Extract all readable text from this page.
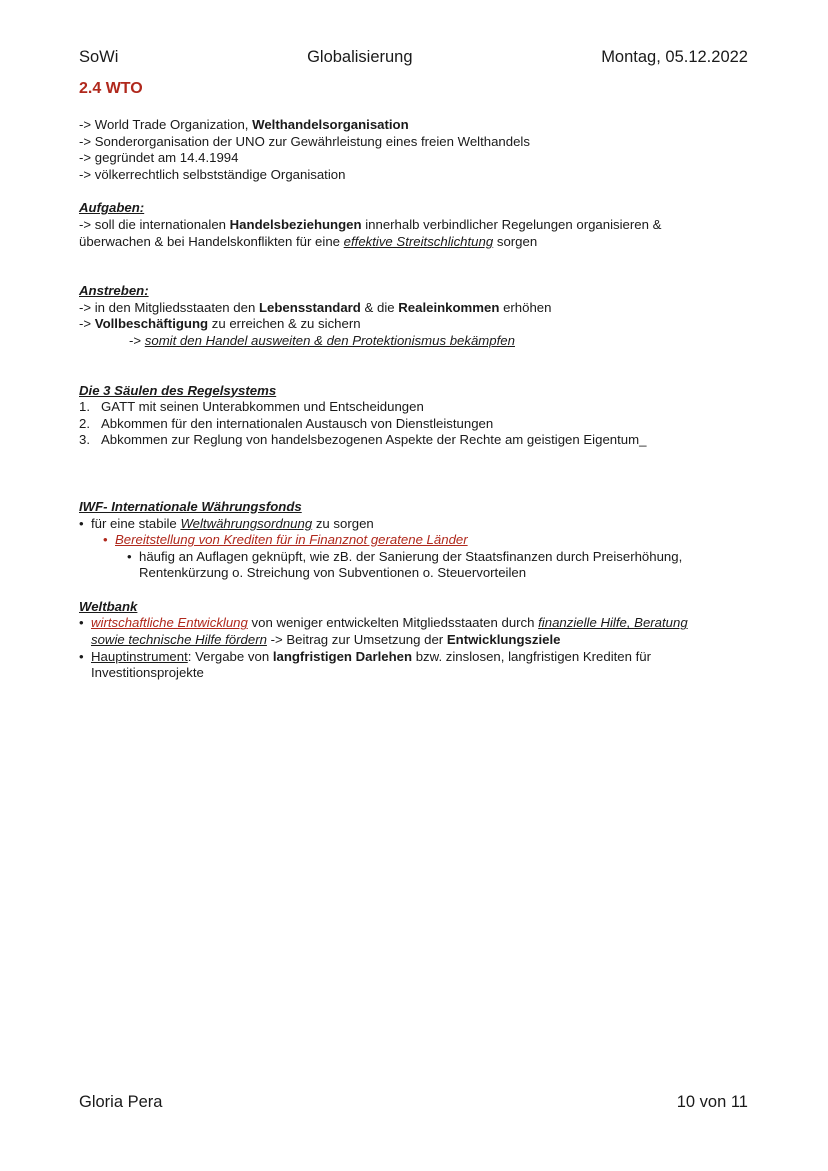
SoWi	Globalisierung	Montag, 05.12.2022
2.4 WTO

-> World Trade Organization, Welthandelsorganisation

-> Sonderorganisation der UNO zur Gewährleistung eines freien Welthandels

-> gegründet am 14.4.1994

-> völkerrechtlich selbstständige Organisation

Aufgaben:

-> soll die internationalen Handelsbeziehungen innerhalb verbindlicher Regelungen organisieren &

überwachen & bei Handelskonflikten für eine effektive Streitschlichtung sorgen

Anstreben:

-> in den Mitgliedsstaaten den Lebensstandard & die Realeinkommen erhöhen

-> Vollbeschäftigung zu erreichen & zu sichern

-> somit den Handel ausweiten & den Protektionismus bekämpfen

Die 3 Säulen des Regelsystems

1. GATT mit seinen Unterabkommen und Entscheidungen
2. Abkommen für den internationalen Austausch von Dienstleistungen
3. Abkommen zur Reglung von handelsbezogenen Aspekte der Rechte am geistigen Eigentum_

IWF- Internationale Währungsfonds

• für eine stabile Weltwährungsordnung zu sorgen
• Bereitstellung von Krediten für in Finanznot geratene Länder
• häufig an Auflagen geknüpft, wie zB. der Sanierung der Staatsfinanzen durch Preiserhöhung,
Rentenkürzung o. Streichung von Subventionen o. Steuervorteilen

Weltbank

• wirtschaftliche Entwicklung von weniger entwickelten Mitgliedsstaaten durch finanzielle Hilfe, Beratung
sowie technische Hilfe fördern -> Beitrag zur Umsetzung der Entwicklungsziele
• Hauptinstrument: Vergabe von langfristigen Darlehen bzw. zinslosen, langfristigen Krediten für
Investitionsprojekte
Gloria Pera	10 von 11
